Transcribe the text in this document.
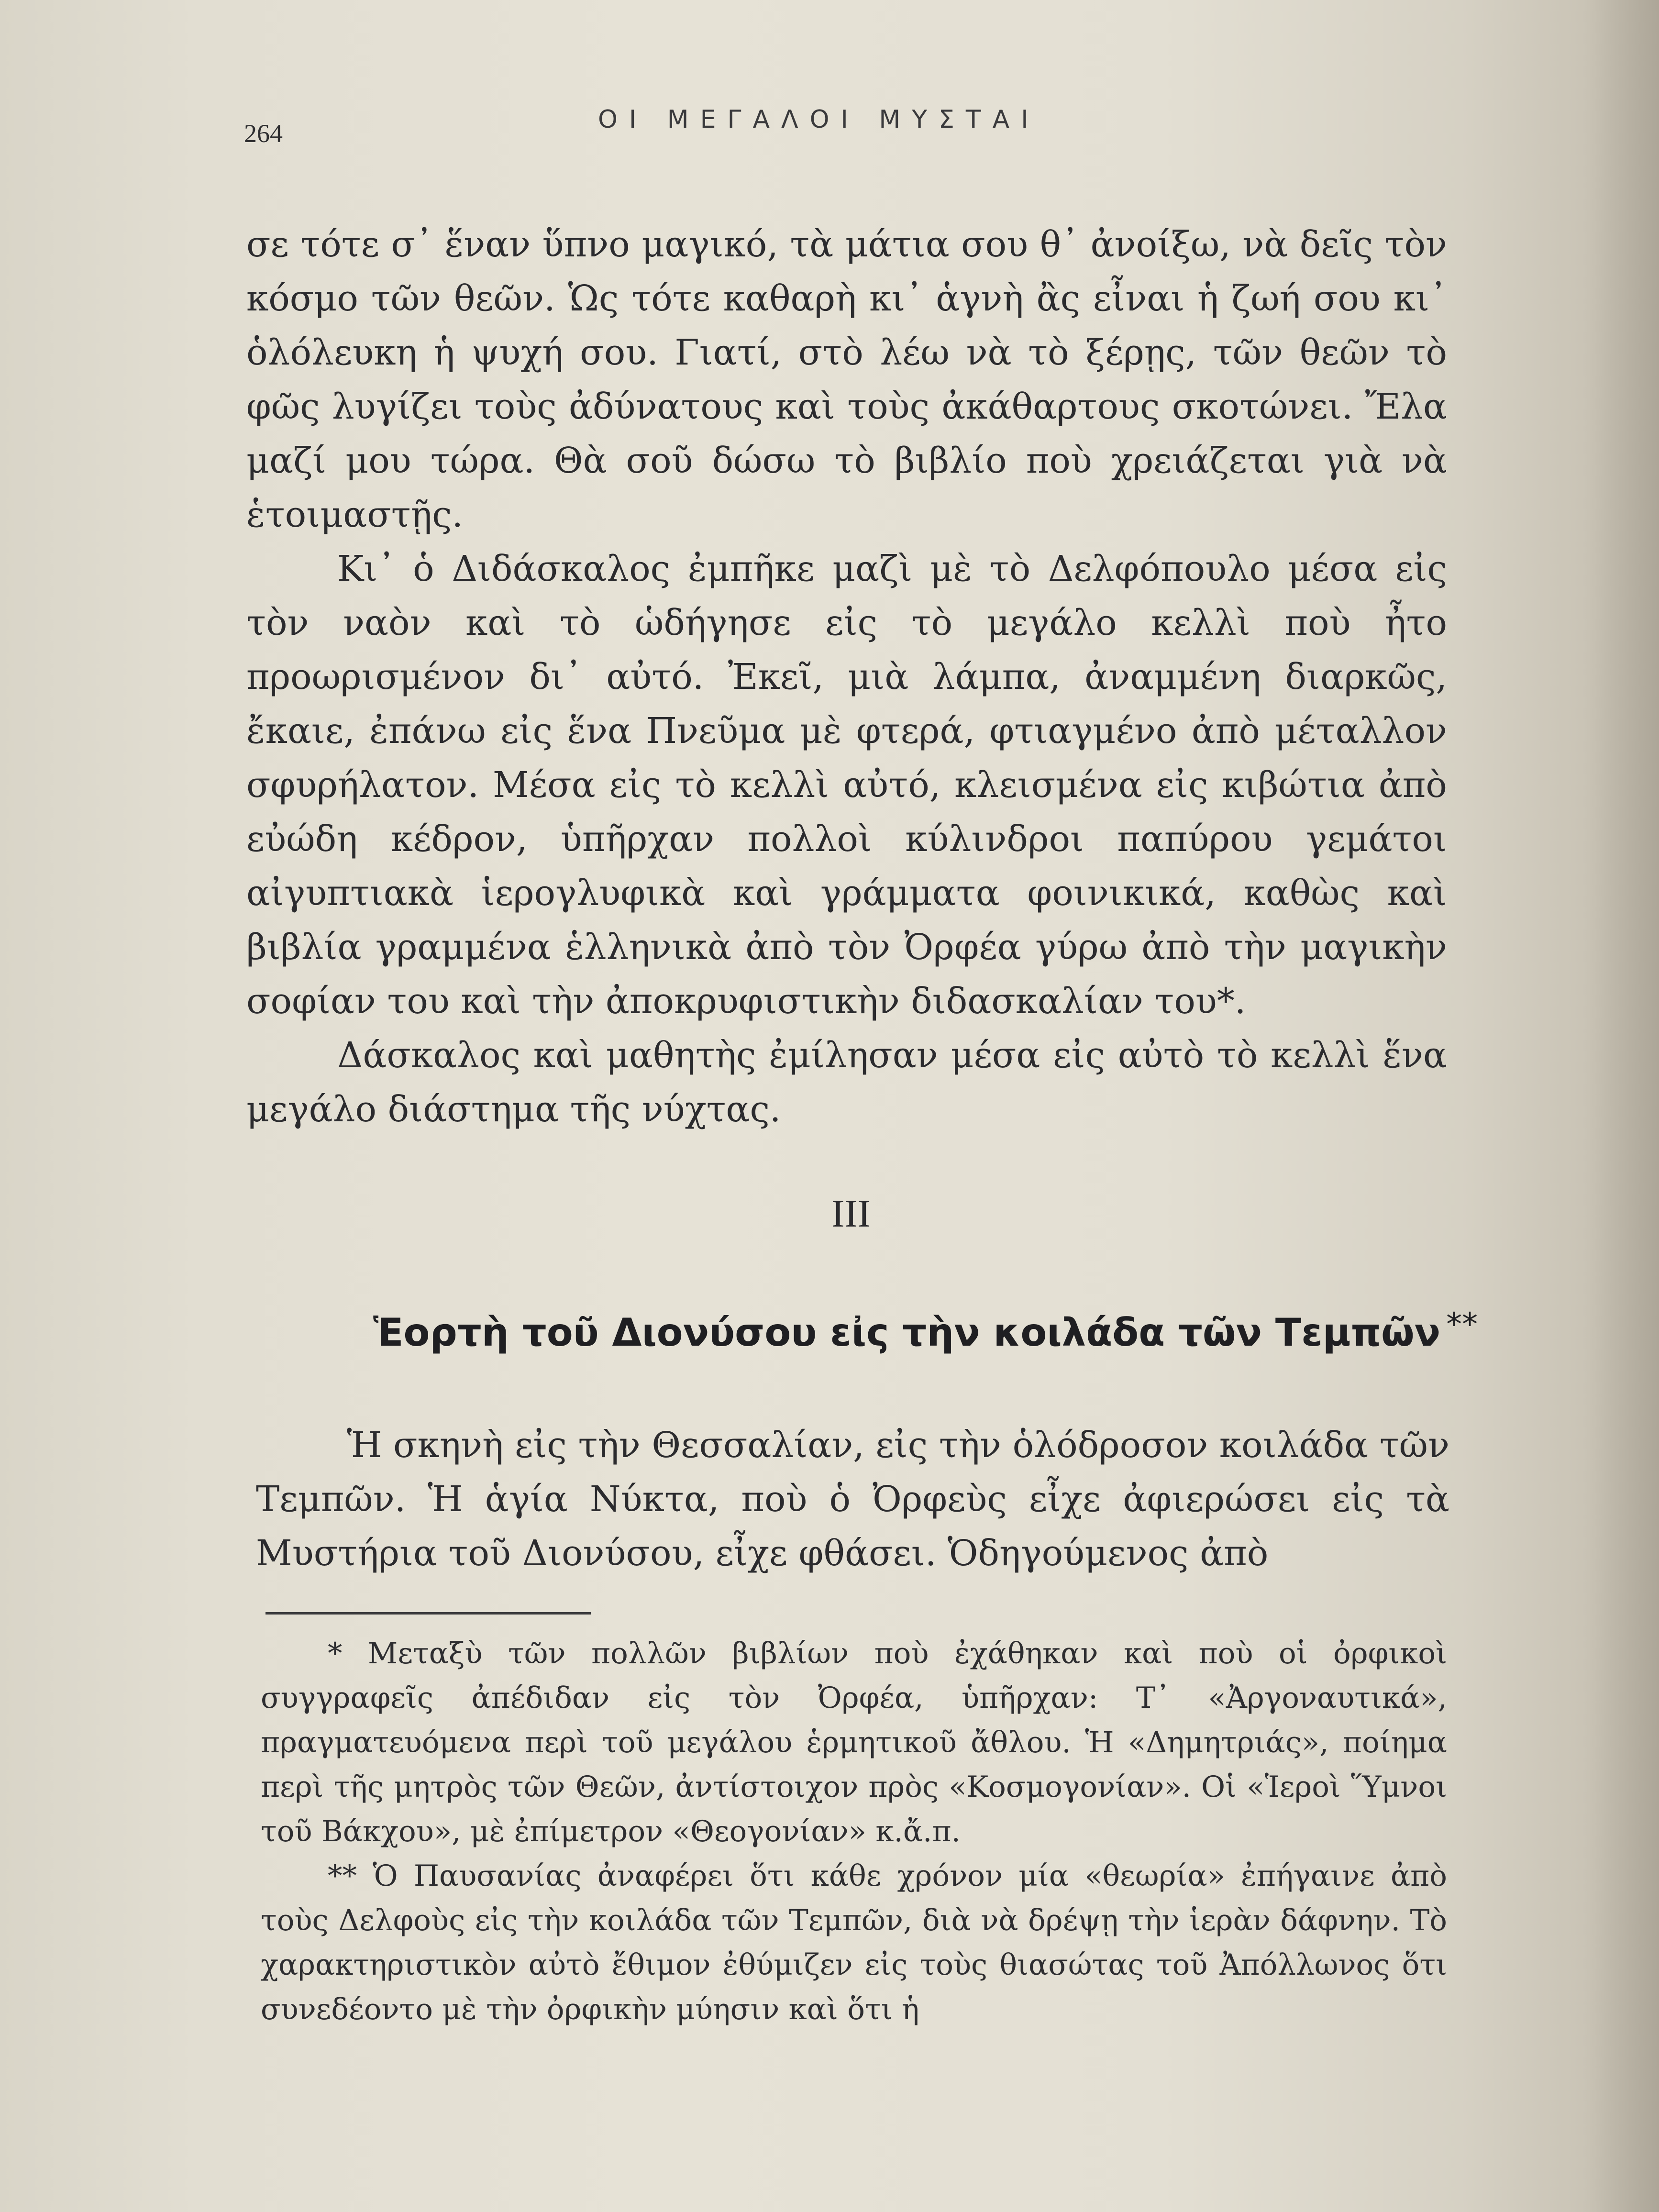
264	ΟΙ ΜΕΓΑΛΟΙ ΜΥΣΤΑΙ

σε τότε σ᾽ ἕναν ὕπνο μαγικό, τὰ μάτια σου θ᾽ ἀνοίξω, νὰ δεῖς τὸν κόσμο τῶν θεῶν. Ὡς τότε καθαρὴ κι᾽ ἁγνὴ ἂς εἶναι ἡ ζωή σου κι᾽ ὁλόλευκη ἡ ψυχή σου. Γιατί, στὸ λέω νὰ τὸ ξέρῃς, τῶν θεῶν τὸ φῶς λυγίζει τοὺς ἀδύνατους καὶ τοὺς ἀκάθαρτους σκοτώνει. Ἔλα μαζί μου τώρα. Θὰ σοῦ δώσω τὸ βιβλίο ποὺ χρειάζεται γιὰ νὰ ἑτοιμαστῇς.

Κι᾽ ὁ Διδάσκαλος ἐμπῆκε μαζὶ μὲ τὸ Δελφόπουλο μέσα εἰς τὸν ναὸν καὶ τὸ ὡδήγησε εἰς τὸ μεγάλο κελλὶ ποὺ ἦτο προωρισμένον δι᾽ αὐτό. Ἐκεῖ, μιὰ λάμπα, ἀναμμένη διαρκῶς, ἔκαιε, ἐπάνω εἰς ἕνα Πνεῦμα μὲ φτερά, φτιαγμένο ἀπὸ μέταλλον σφυρήλατον. Μέσα εἰς τὸ κελλὶ αὐτό, κλεισμένα εἰς κιβώτια ἀπὸ εὐώδη κέδρον, ὑπῆρχαν πολλοὶ κύλινδροι παπύρου γεμάτοι αἰγυπτιακὰ ἱερογλυφικὰ καὶ γράμματα φοινικικά, καθὼς καὶ βιβλία γραμμένα ἑλληνικὰ ἀπὸ τὸν Ὀρφέα γύρω ἀπὸ τὴν μαγικὴν σοφίαν του καὶ τὴν ἀποκρυφιστικὴν διδασκαλίαν του*.

Δάσκαλος καὶ μαθητὴς ἐμίλησαν μέσα εἰς αὐτὸ τὸ κελλὶ ἕνα μεγάλο διάστημα τῆς νύχτας.

III
Ἑορτὴ τοῦ Διονύσου εἰς τὴν κοιλάδα τῶν Τεμπῶν **

Ἡ σκηνὴ εἰς τὴν Θεσσαλίαν, εἰς τὴν ὁλόδροσον κοιλάδα τῶν Τεμπῶν. Ἡ ἁγία Νύκτα, ποὺ ὁ Ὀρφεὺς εἶχε ἀφιερώσει εἰς τὰ Μυστήρια τοῦ Διονύσου, εἶχε φθάσει. Ὁδηγούμενος ἀπὸ

* Μεταξὺ τῶν πολλῶν βιβλίων ποὺ ἐχάθηκαν καὶ ποὺ οἱ ὀρφικοὶ συγγραφεῖς ἀπέδιδαν εἰς τὸν Ὀρφέα, ὑπῆρχαν: Τ᾽ «Ἀργοναυτικά», πραγματευόμενα περὶ τοῦ μεγάλου ἑρμητικοῦ ἄθλου. Ἡ «Δημητριάς», ποίημα περὶ τῆς μητρὸς τῶν Θεῶν, ἀντίστοιχον πρὸς «Κοσμογονίαν». Οἱ «Ἱεροὶ Ὕμνοι τοῦ Βάκχου», μὲ ἐπίμετρον «Θεογονίαν» κ.ἄ.π.

** Ὁ Παυσανίας ἀναφέρει ὅτι κάθε χρόνον μία «θεωρία» ἐπήγαινε ἀπὸ τοὺς Δελφοὺς εἰς τὴν κοιλάδα τῶν Τεμπῶν, διὰ νὰ δρέψῃ τὴν ἱερὰν δάφνην. Τὸ χαρακτηριστικὸν αὐτὸ ἔθιμον ἐθύμιζεν εἰς τοὺς θιασώτας τοῦ Ἀπόλλωνος ὅτι συνεδέοντο μὲ τὴν ὀρφικὴν μύησιν καὶ ὅτι ἡ
